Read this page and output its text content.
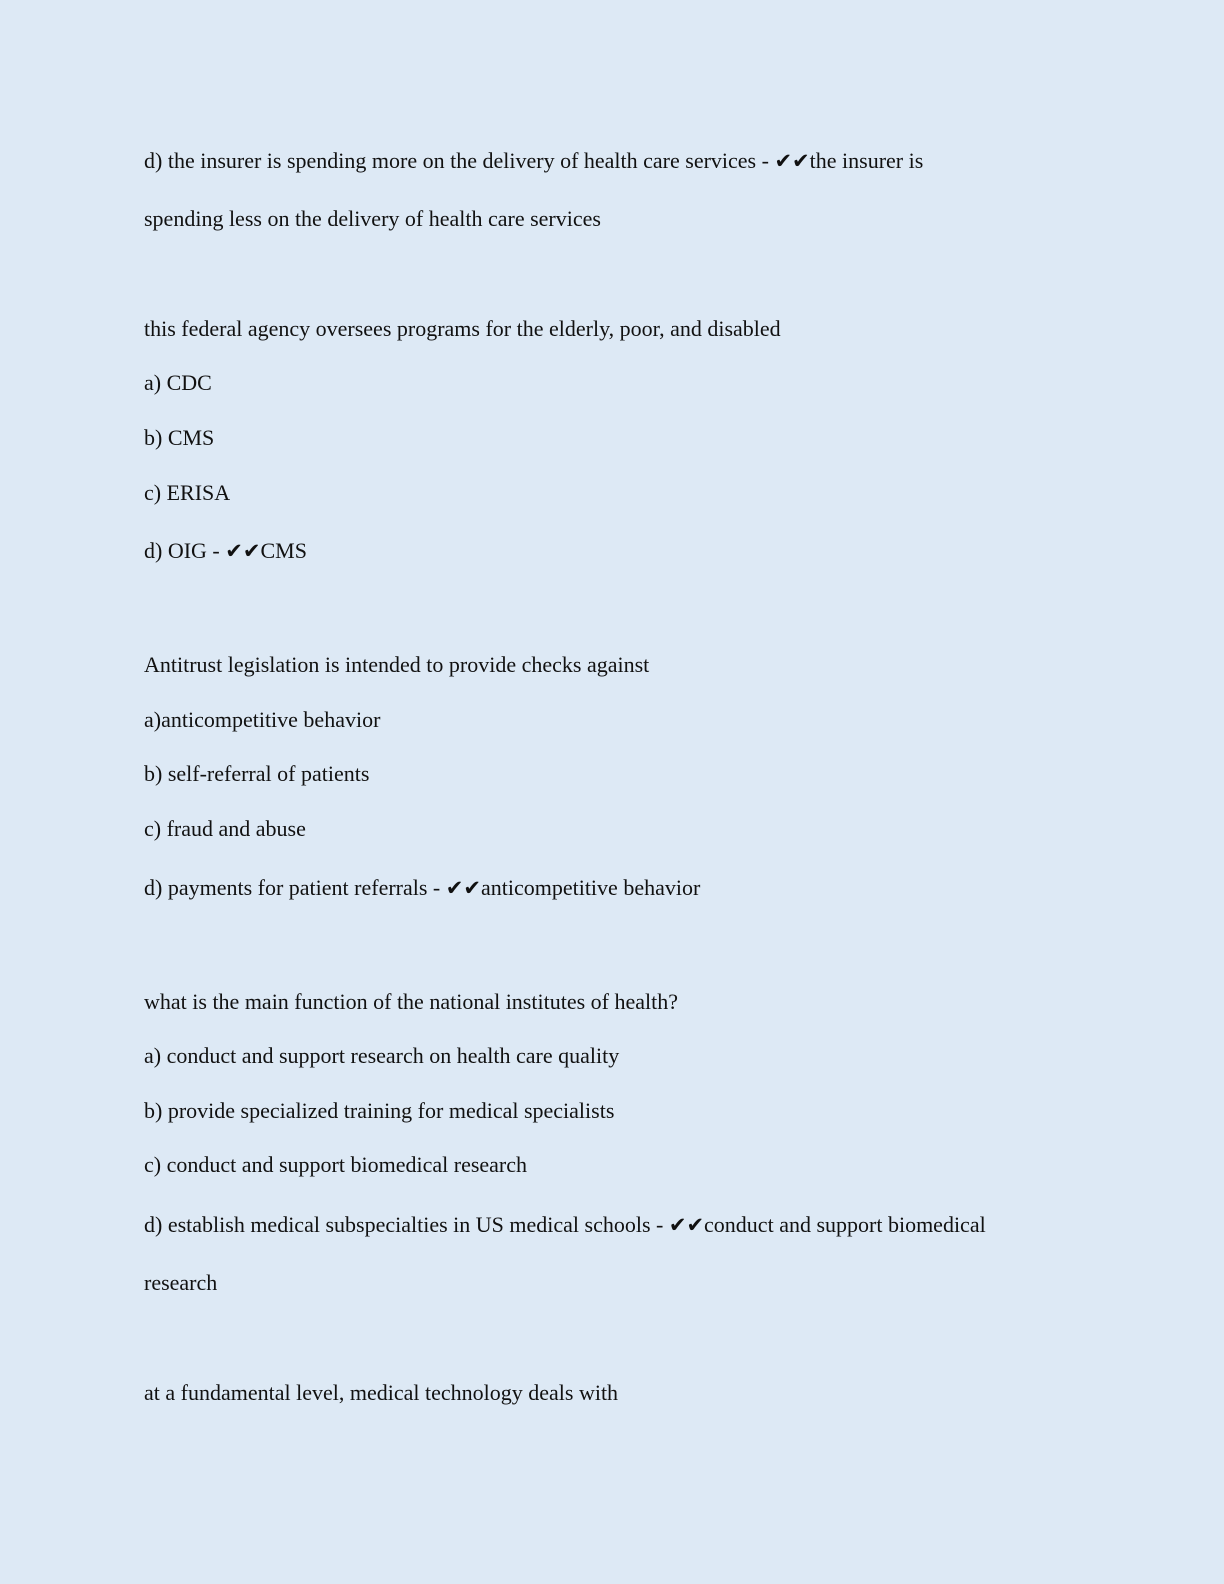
d) the insurer is spending more on the delivery of health care services - ✔✔the insurer is
spending less on the delivery of health care services
this federal agency oversees programs for the elderly, poor, and disabled
a) CDC
b) CMS
c) ERISA
d) OIG - ✔✔CMS
Antitrust legislation is intended to provide checks against
a)anticompetitive behavior
b) self-referral of patients
c) fraud and abuse
d) payments for patient referrals - ✔✔anticompetitive behavior
what is the main function of the national institutes of health?
a) conduct and support research on health care quality
b) provide specialized training for medical specialists
c) conduct and support biomedical research
d) establish medical subspecialties in US medical schools - ✔✔conduct and support biomedical
research
at a fundamental level, medical technology deals with
